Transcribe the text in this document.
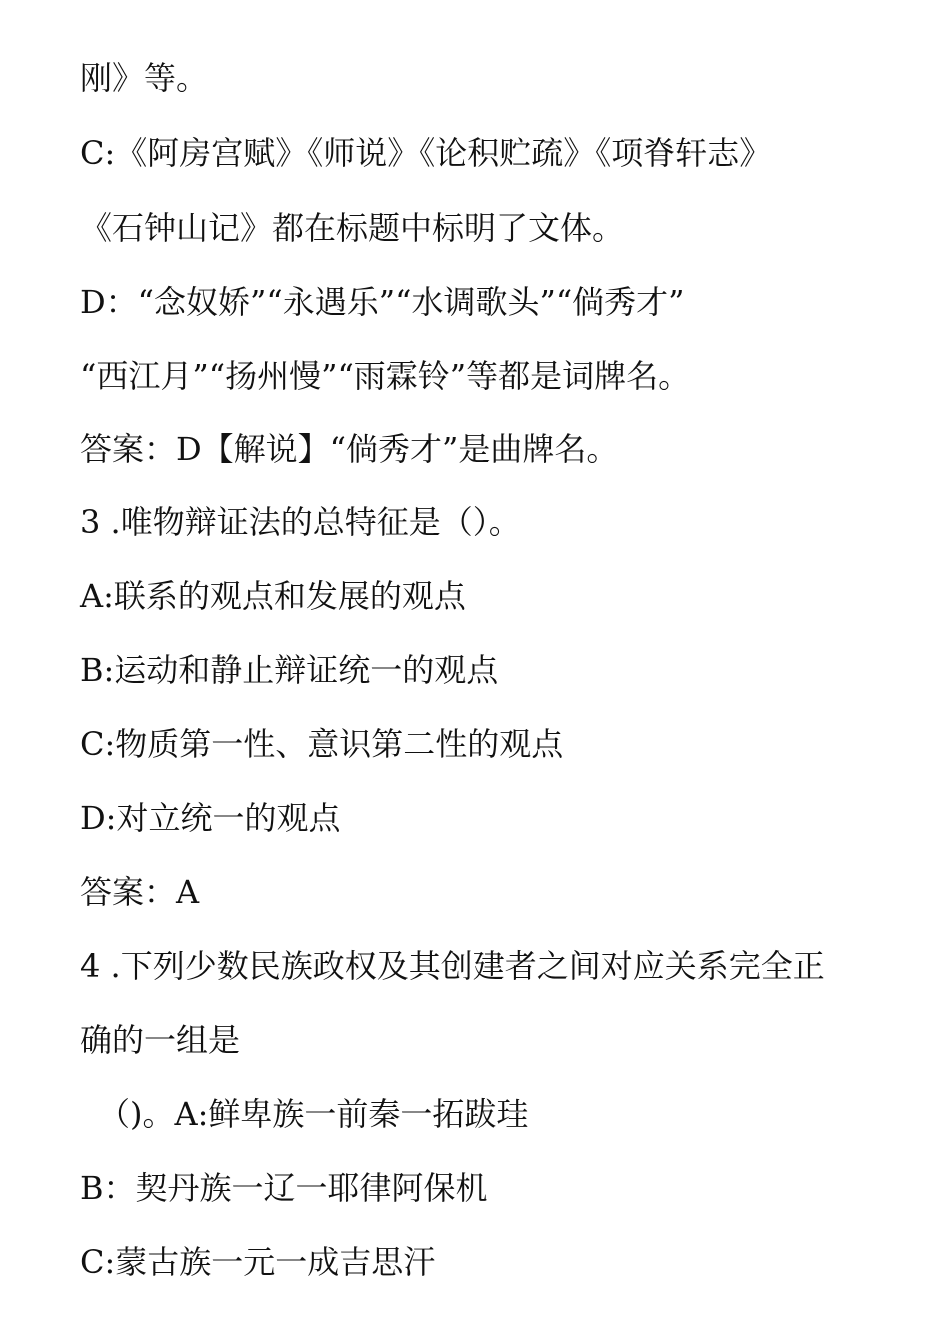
刚》等。
C:《阿房宫赋》《师说》《论积贮疏》《项脊轩志》
《石钟山记》都在标题中标明了文体。
D：“念奴娇”“永遇乐”“水调歌头”“倘秀才”
“西江月”“扬州慢”“雨霖铃”等都是词牌名。
答案：D【解说】“倘秀才”是曲牌名。
3 .唯物辩证法的总特征是（）。
A:联系的观点和发展的观点
B:运动和静止辩证统一的观点
C:物质第一性、意识第二性的观点
D:对立统一的观点
答案：A
4 .下列少数民族政权及其创建者之间对应关系完全正
确的一组是
（)。A:鲜卑族一前秦一拓跋珪
B：契丹族一辽一耶律阿保机
C:蒙古族一元一成吉思汗
